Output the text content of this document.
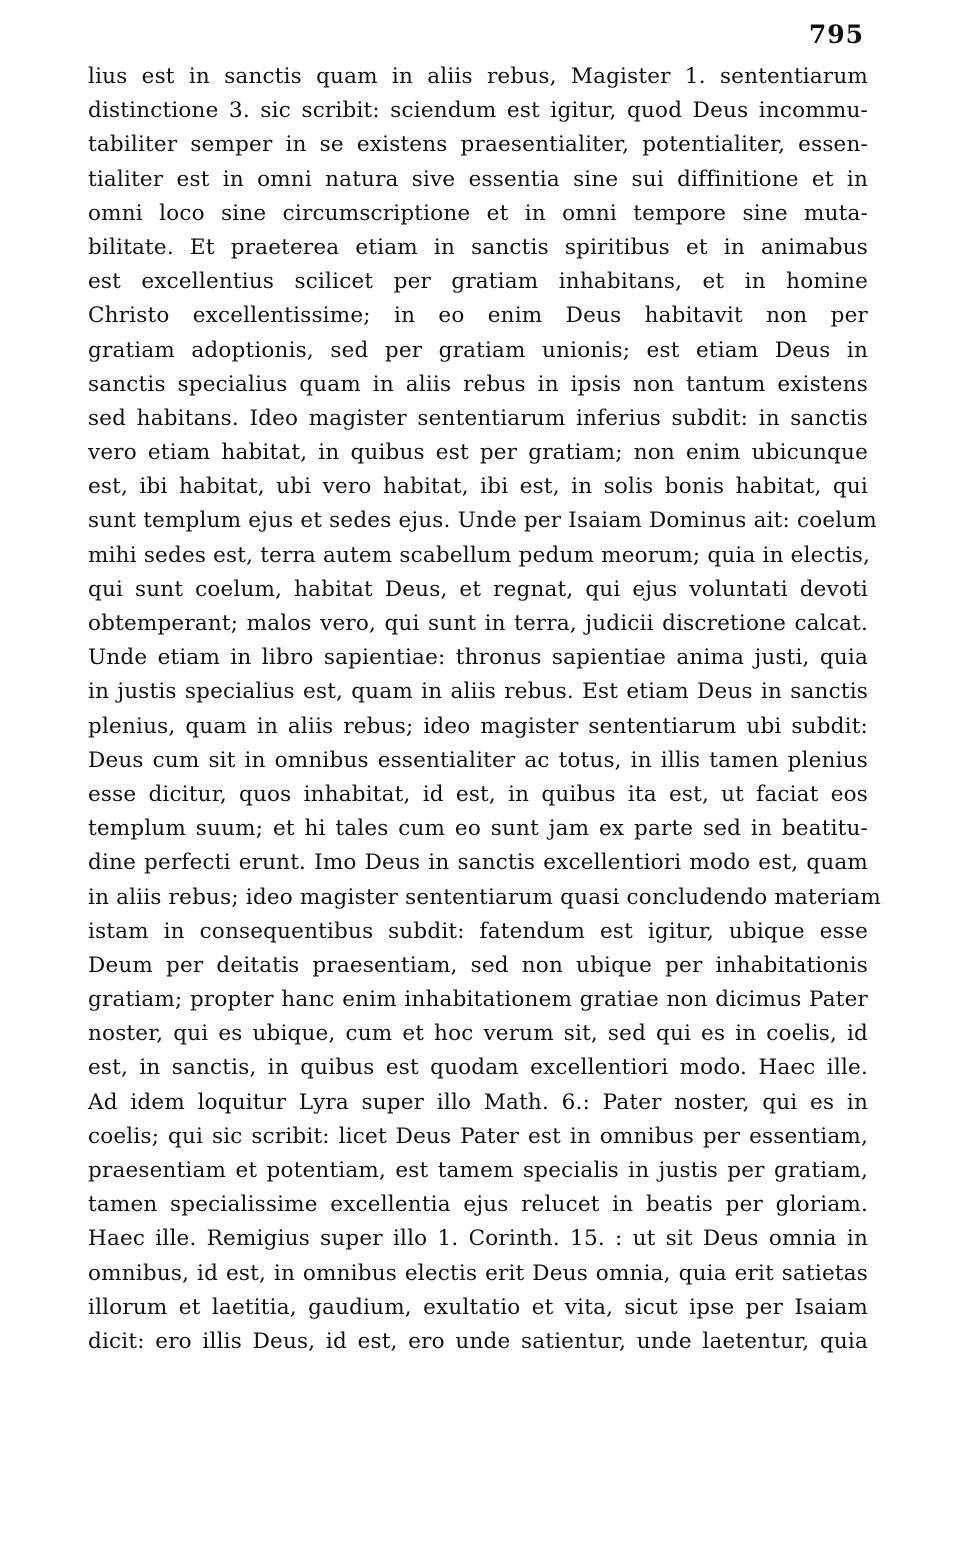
795
lius est in sanctis quam in aliis rebus, Magister 1. sententiarum
distinctione 3. sic scribit: sciendum est igitur, quod Deus incommu-
tabiliter semper in se existens praesentialiter, potentialiter, essen-
tialiter est in omni natura sive essentia sine sui diffinitione et in
omni loco sine circumscriptione et in omni tempore sine muta-
bilitate. Et praeterea etiam in sanctis spiritibus et in animabus
est excellentius scilicet per gratiam inhabitans, et in homine
Christo excellentissime; in eo enim Deus habitavit non per
gratiam adoptionis, sed per gratiam unionis; est etiam Deus in
sanctis specialius quam in aliis rebus in ipsis non tantum existens
sed habitans. Ideo magister sententiarum inferius subdit: in sanctis
vero etiam habitat, in quibus est per gratiam; non enim ubicunque
est, ibi habitat, ubi vero habitat, ibi est, in solis bonis habitat, qui
sunt templum ejus et sedes ejus. Unde per Isaiam Dominus ait: coelum
mihi sedes est, terra autem scabellum pedum meorum; quia in electis,
qui sunt coelum, habitat Deus, et regnat, qui ejus voluntati devoti
obtemperant; malos vero, qui sunt in terra, judicii discretione calcat.
Unde etiam in libro sapientiae: thronus sapientiae anima justi, quia
in justis specialius est, quam in aliis rebus. Est etiam Deus in sanctis
plenius, quam in aliis rebus; ideo magister sententiarum ubi subdit:
Deus cum sit in omnibus essentialiter ac totus, in illis tamen plenius
esse dicitur, quos inhabitat, id est, in quibus ita est, ut faciat eos
templum suum; et hi tales cum eo sunt jam ex parte sed in beatitu-
dine perfecti erunt. Imo Deus in sanctis excellentiori modo est, quam
in aliis rebus; ideo magister sententiarum quasi concludendo materiam
istam in consequentibus subdit: fatendum est igitur, ubique esse
Deum per deitatis praesentiam, sed non ubique per inhabitationis
gratiam; propter hanc enim inhabitationem gratiae non dicimus Pater
noster, qui es ubique, cum et hoc verum sit, sed qui es in coelis, id
est, in sanctis, in quibus est quodam excellentiori modo. Haec ille.
Ad idem loquitur Lyra super illo Math. 6.: Pater noster, qui es in
coelis; qui sic scribit: licet Deus Pater est in omnibus per essentiam,
praesentiam et potentiam, est tamem specialis in justis per gratiam,
tamen specialissime excellentia ejus relucet in beatis per gloriam.
Haec ille. Remigius super illo 1. Corinth. 15. : ut sit Deus omnia in
omnibus, id est, in omnibus electis erit Deus omnia, quia erit satietas
illorum et laetitia, gaudium, exultatio et vita, sicut ipse per Isaiam
dicit: ero illis Deus, id est, ero unde satientur, unde laetentur, quia
